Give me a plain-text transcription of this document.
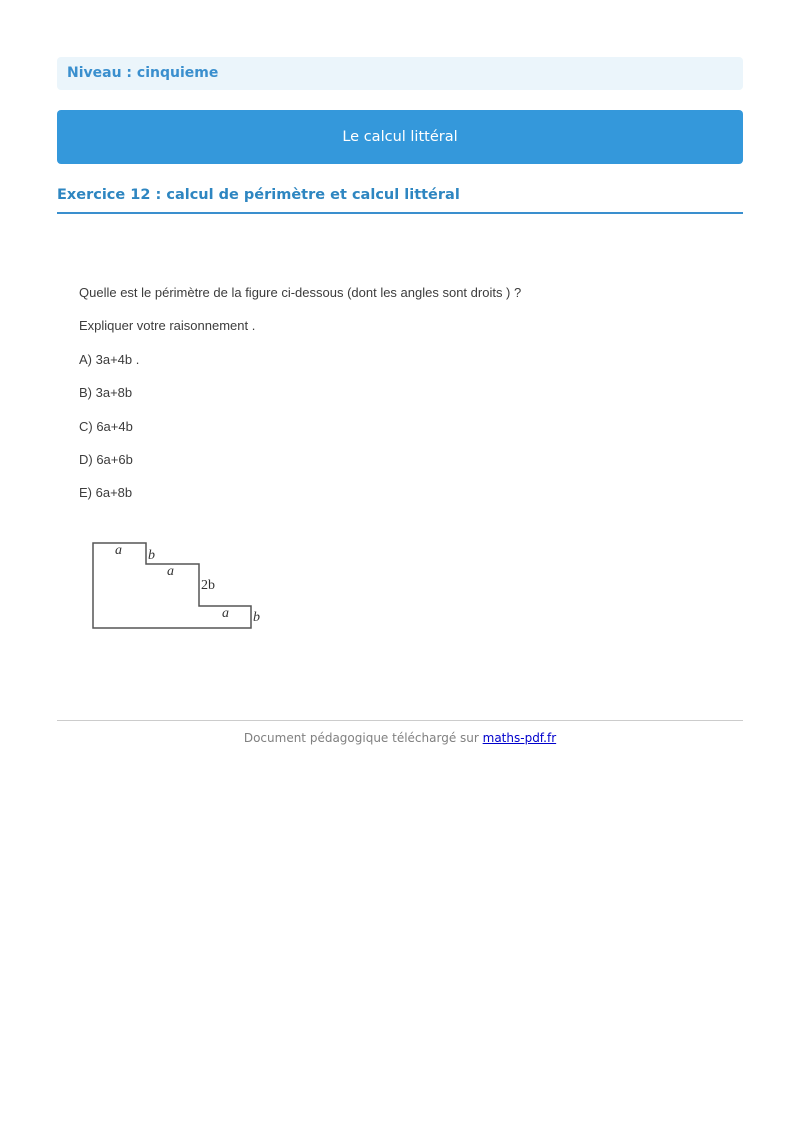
Niveau : cinquieme
Le calcul littéral
Exercice 12 : calcul de périmètre et calcul littéral
Quelle est le périmètre de la figure ci-dessous (dont les angles sont droits ) ?
Expliquer votre raisonnement .
A) 3a+4b .
B) 3a+8b
C) 6a+4b
D) 6a+6b
E) 6a+8b
a b
a
2b
a b
Document pédagogique téléchargé sur maths-pdf.fr
